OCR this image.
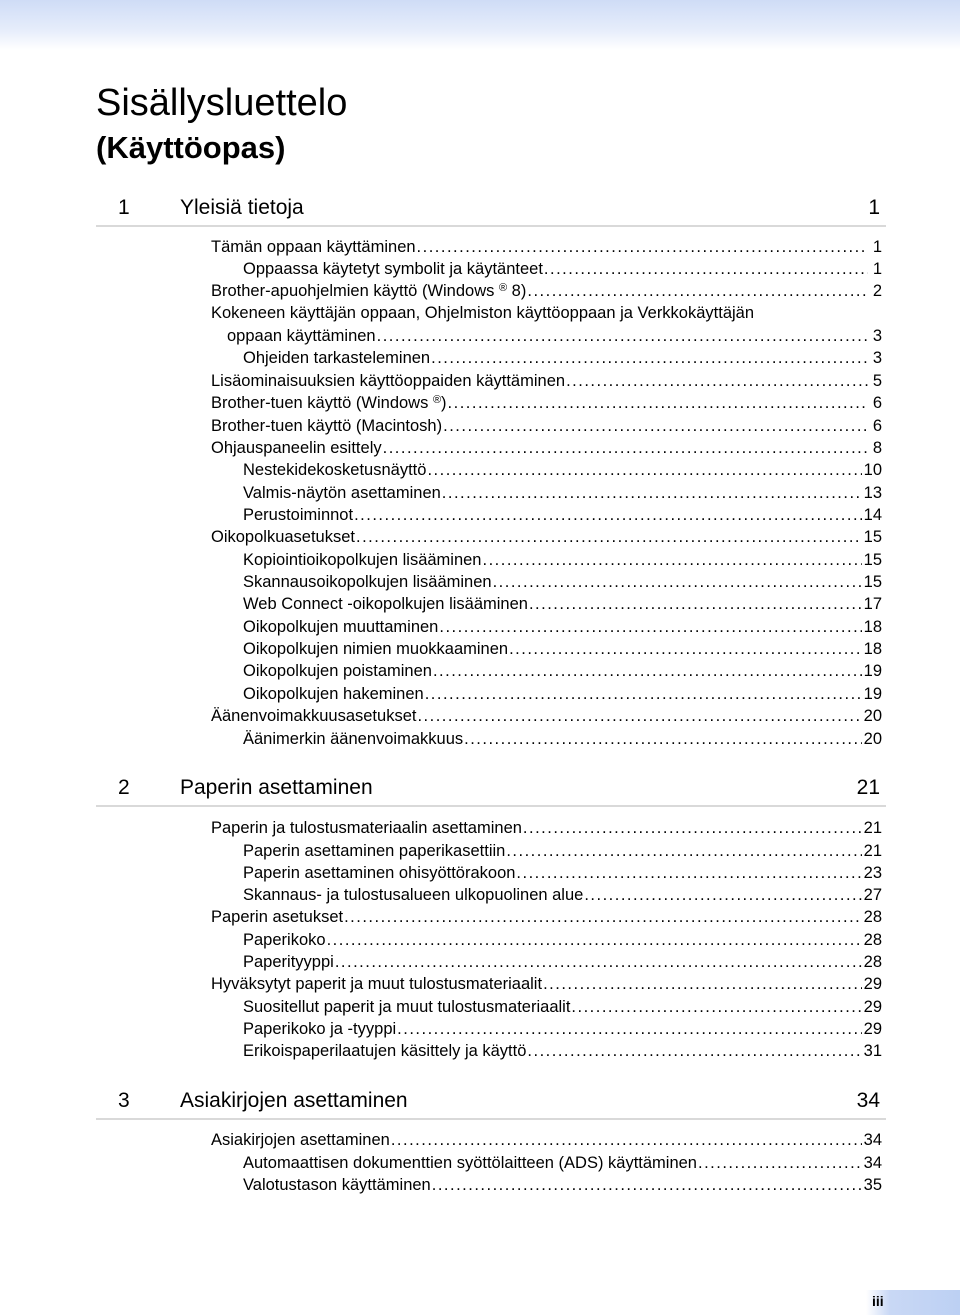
Sisällysluettelo
(Käyttöopas)
1 Yleisiä tietoja	1
Tämän oppaan käyttäminen .....	1
Oppaassa käytetyt symbolit ja käytänteet .....	1
Brother-apuohjelmien käyttö (Windows ® 8) .....	2
Kokeneen käyttäjän oppaan, Ohjelmiston käyttöoppaan ja Verkkokäyttäjän
oppaan käyttäminen .....	3
Ohjeiden tarkasteleminen .....	3
Lisäominaisuuksien käyttöoppaiden käyttäminen .....	5
Brother-tuen käyttö (Windows ®) .....	6
Brother-tuen käyttö (Macintosh) .....	6
Ohjauspaneelin esittely .....	8
Nestekidekosketusnäyttö .....	10
Valmis-näytön asettaminen .....	13
Perustoiminnot .....	14
Oikopolkuasetukset .....	15
Kopiointioikopolkujen lisääminen .....	15
Skannausoikopolkujen lisääminen .....	15
Web Connect -oikopolkujen lisääminen .....	17
Oikopolkujen muuttaminen .....	18
Oikopolkujen nimien muokkaaminen .....	18
Oikopolkujen poistaminen .....	19
Oikopolkujen hakeminen .....	19
Äänenvoimakkuusasetukset .....	20
Äänimerkin äänenvoimakkuus .....	20
2 Paperin asettaminen	21
Paperin ja tulostusmateriaalin asettaminen .....	21
Paperin asettaminen paperikasettiin .....	21
Paperin asettaminen ohisyöttörakoon .....	23
Skannaus- ja tulostusalueen ulkopuolinen alue .....	27
Paperin asetukset .....	28
Paperikoko .....	28
Paperityyppi .....	28
Hyväksytyt paperit ja muut tulostusmateriaalit .....	29
Suositellut paperit ja muut tulostusmateriaalit .....	29
Paperikoko ja -tyyppi .....	29
Erikoispaperilaatujen käsittely ja käyttö .....	31
3 Asiakirjojen asettaminen	34
Asiakirjojen asettaminen .....	34
Automaattisen dokumenttien syöttölaitteen (ADS) käyttäminen .....	34
Valotustason käyttäminen .....	35
iii
